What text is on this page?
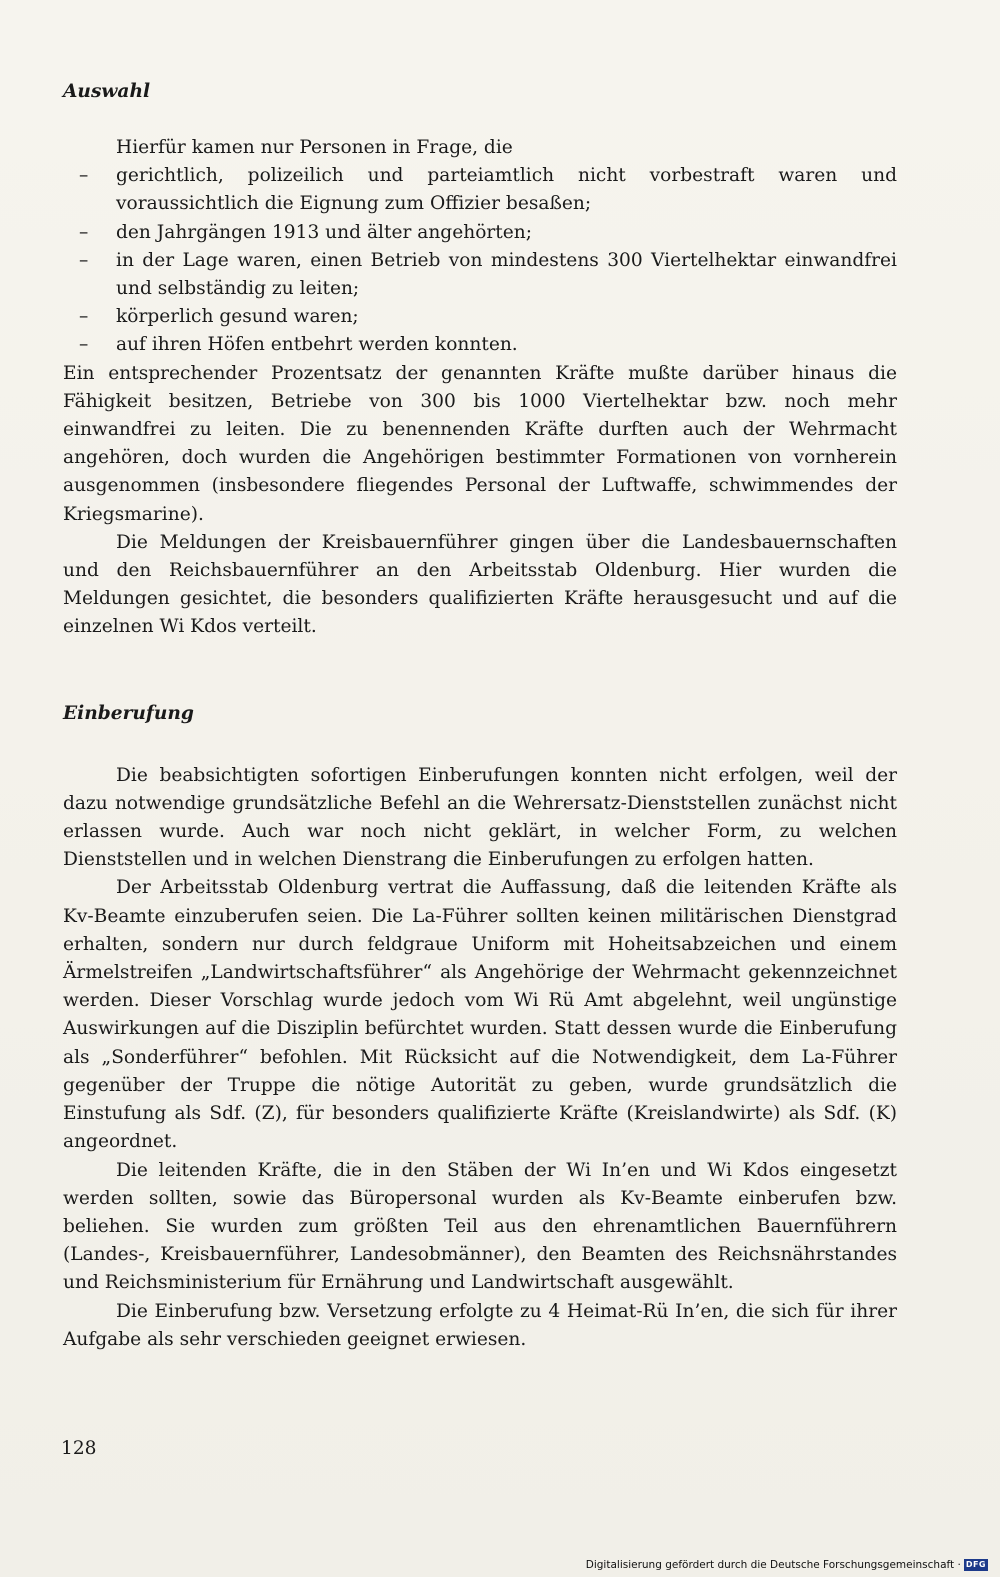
Auswahl

Hierfür kamen nur Personen in Frage, die

– gerichtlich, polizeilich und parteiamtlich nicht vorbestraft waren und voraussichtlich die Eignung zum Offizier besaßen;
– den Jahrgängen 1913 und älter angehörten;
– in der Lage waren, einen Betrieb von mindestens 300 Viertelhektar einwandfrei und selbständig zu leiten;
– körperlich gesund waren;
– auf ihren Höfen entbehrt werden konnten.

Ein entsprechender Prozentsatz der genannten Kräfte mußte darüber hinaus die Fähigkeit besitzen, Betriebe von 300 bis 1000 Viertelhektar bzw. noch mehr einwandfrei zu leiten. Die zu benennenden Kräfte durften auch der Wehrmacht angehören, doch wurden die Angehörigen bestimmter Formationen von vornherein ausgenommen (insbesondere fliegendes Personal der Luftwaffe, schwimmendes der Kriegsmarine).

Die Meldungen der Kreisbauernführer gingen über die Landesbauernschaften und den Reichsbauernführer an den Arbeitsstab Oldenburg. Hier wurden die Meldungen gesichtet, die besonders qualifizierten Kräfte herausgesucht und auf die einzelnen Wi Kdos verteilt.

Einberufung

Die beabsichtigten sofortigen Einberufungen konnten nicht erfolgen, weil der dazu notwendige grundsätzliche Befehl an die Wehrersatz-Dienststellen zunächst nicht erlassen wurde. Auch war noch nicht geklärt, in welcher Form, zu welchen Dienststellen und in welchen Dienstrang die Einberufungen zu erfolgen hatten.

Der Arbeitsstab Oldenburg vertrat die Auffassung, daß die leitenden Kräfte als Kv-Beamte einzuberufen seien. Die La-Führer sollten keinen militärischen Dienstgrad erhalten, sondern nur durch feldgraue Uniform mit Hoheitsabzeichen und einem Ärmelstreifen „Landwirtschaftsführer“ als Angehörige der Wehrmacht gekennzeichnet werden. Dieser Vorschlag wurde jedoch vom Wi Rü Amt abgelehnt, weil ungünstige Auswirkungen auf die Disziplin befürchtet wurden. Statt dessen wurde die Einberufung als „Sonderführer“ befohlen. Mit Rücksicht auf die Notwendigkeit, dem La-Führer gegenüber der Truppe die nötige Autorität zu geben, wurde grundsätzlich die Einstufung als Sdf. (Z), für besonders qualifizierte Kräfte (Kreislandwirte) als Sdf. (K) angeordnet.

Die leitenden Kräfte, die in den Stäben der Wi In’en und Wi Kdos eingesetzt werden sollten, sowie das Büropersonal wurden als Kv-Beamte einberufen bzw. beliehen. Sie wurden zum größten Teil aus den ehrenamtlichen Bauernführern (Landes-, Kreisbauernführer, Landesobmänner), den Beamten des Reichsnährstandes und Reichsministerium für Ernährung und Landwirtschaft ausgewählt.

Die Einberufung bzw. Versetzung erfolgte zu 4 Heimat-Rü In’en, die sich für ihrer Aufgabe als sehr verschieden geeignet erwiesen.

128
Digitalisierung gefördert durch die Deutsche Forschungsgemeinschaft · DFG
